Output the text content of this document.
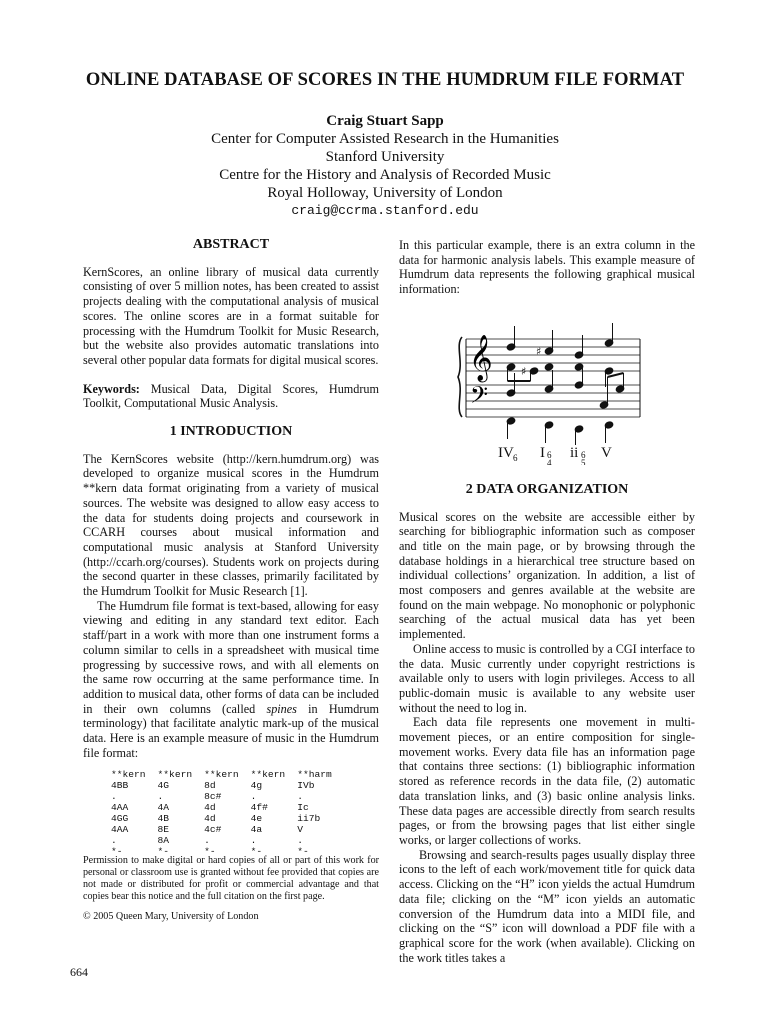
ONLINE DATABASE OF SCORES IN THE HUMDRUM FILE FORMAT
Craig Stuart Sapp
Center for Computer Assisted Research in the Humanities
Stanford University
Centre for the History and Analysis of Recorded Music
Royal Holloway, University of London
craig@ccrma.stanford.edu
ABSTRACT

KernScores, an online library of musical data currently consisting of over 5 million notes, has been created to assist projects dealing with the computational analysis of musical scores. The online scores are in a format suitable for processing with the Humdrum Toolkit for Music Research, but the website also provides automatic translations into several other popular data formats for digital musical scores.

Keywords: Musical Data, Digital Scores, Humdrum Toolkit, Computational Music Analysis.

1 INTRODUCTION

The KernScores website (http://kern.humdrum.org) was developed to organize musical scores in the Humdrum **kern data format originating from a variety of musical sources. The website was designed to allow easy access to the data for students doing projects and coursework in CCARH courses about musical information and computational music analysis at Stanford University (http://ccarh.org/courses). Students work on projects during the second quarter in these classes, primarily facilitated by the Humdrum Toolkit for Music Research [1].

The Humdrum file format is text-based, allowing for easy viewing and editing in any standard text editor. Each staff/part in a work with more than one instrument forms a column similar to cells in a spreadsheet with musical time progressing by successive rows, and with all elements on the same row occurring at the same performance time. In addition to musical data, other forms of data can be included in their own columns (called spines in Humdrum terminology) that facilitate analytic mark-up of the musical data. Here is an example measure of music in the Humdrum file format:

**kern	**kern	**kern	**kern	**harm
4BB	4G	8d	4g	IVb
.	.	8c#	.	.
4AA	4A	4d	4f#	Ic
4GG	4B	4d	4e	ii7b
4AA	8E	4c#	4a	V
.	8A	.	.	.
*-	*-	*-	*-	*-

Permission to make digital or hard copies of all or part of this work for personal or classroom use is granted without fee provided that copies are not made or distributed for profit or commercial advantage and that copies bear this notice and the full citation on the first page.

© 2005 Queen Mary, University of London

664

In this particular example, there is an extra column in the data for harmonic analysis labels. This example measure of Humdrum data represents the following graphical musical information:

𝄞
𝄢
♯
♯
IV 6 I 6
4
ii 6
5
V
2 DATA ORGANIZATION

Musical scores on the website are accessible either by searching for bibliographic information such as composer and title on the main page, or by browsing through the database holdings in a hierarchical tree structure based on individual collections’ organization. In addition, a list of most composers and genres available at the website are found on the main webpage. No monophonic or polyphonic searching of the actual musical data has yet been implemented.

Online access to music is controlled by a CGI interface to the data. Music currently under copyright restrictions is available only to users with login privileges. Access to all public-domain music is available to any website user without the need to log in.

Each data file represents one movement in multi-movement pieces, or an entire composition for single-movement works. Every data file has an information page that contains three sections: (1) bibliographic information stored as reference records in the data file, (2) automatic data translation links, and (3) basic online analysis links. These data pages are accessible directly from search results pages, or from the browsing pages that list either single works, or larger collections of works.

Browsing and search-results pages usually display three icons to the left of each work/movement title for quick data access. Clicking on the “H” icon yields the actual Humdrum data file; clicking on the “M” icon yields an automatic conversion of the Humdrum data into a MIDI file, and clicking on the “S” icon will download a PDF file with a graphical score for the work (when available). Clicking on the work titles takes a
